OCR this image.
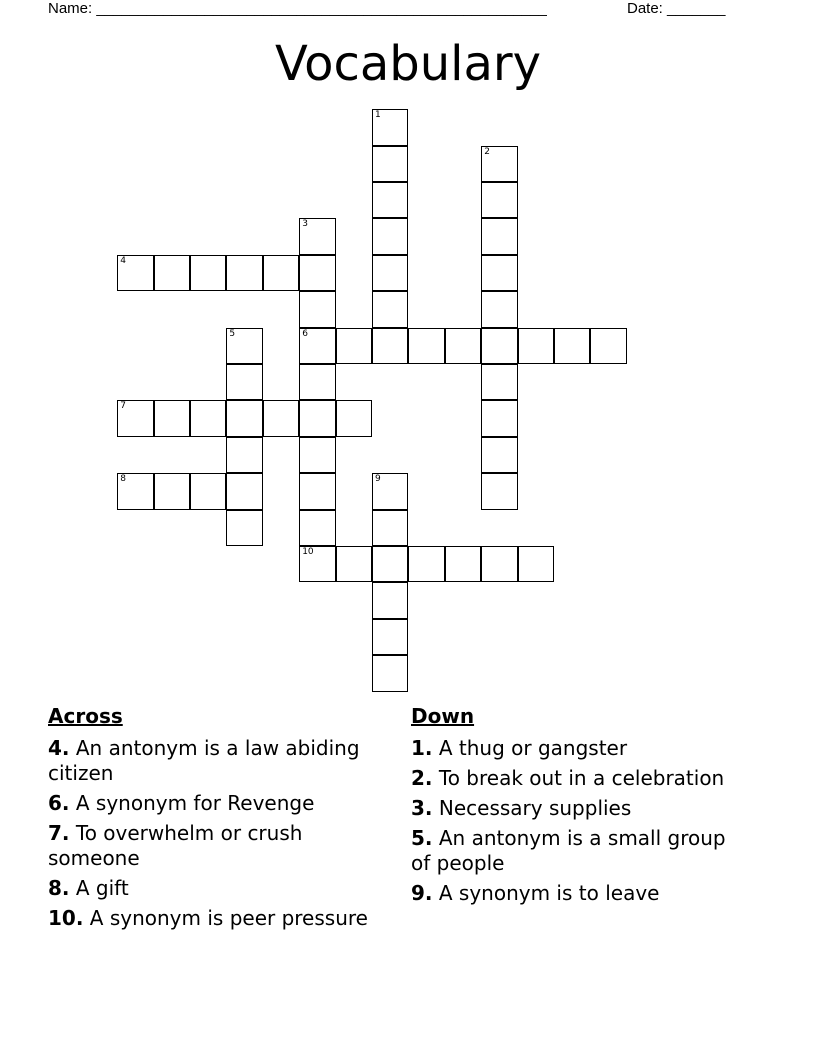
Name: ______________________________________________________	Date: _______
Vocabulary
1
2
3
6
10
4
5
7
8	9
Across
4. An antonym is a law abiding citizen
6. A synonym for Revenge
7. To overwhelm or crush someone
8. A gift
10. A synonym is peer pressure
Down
1. A thug or gangster
2. To break out in a celebration
3. Necessary supplies
5. An antonym is a small group of people
9. A synonym is to leave
